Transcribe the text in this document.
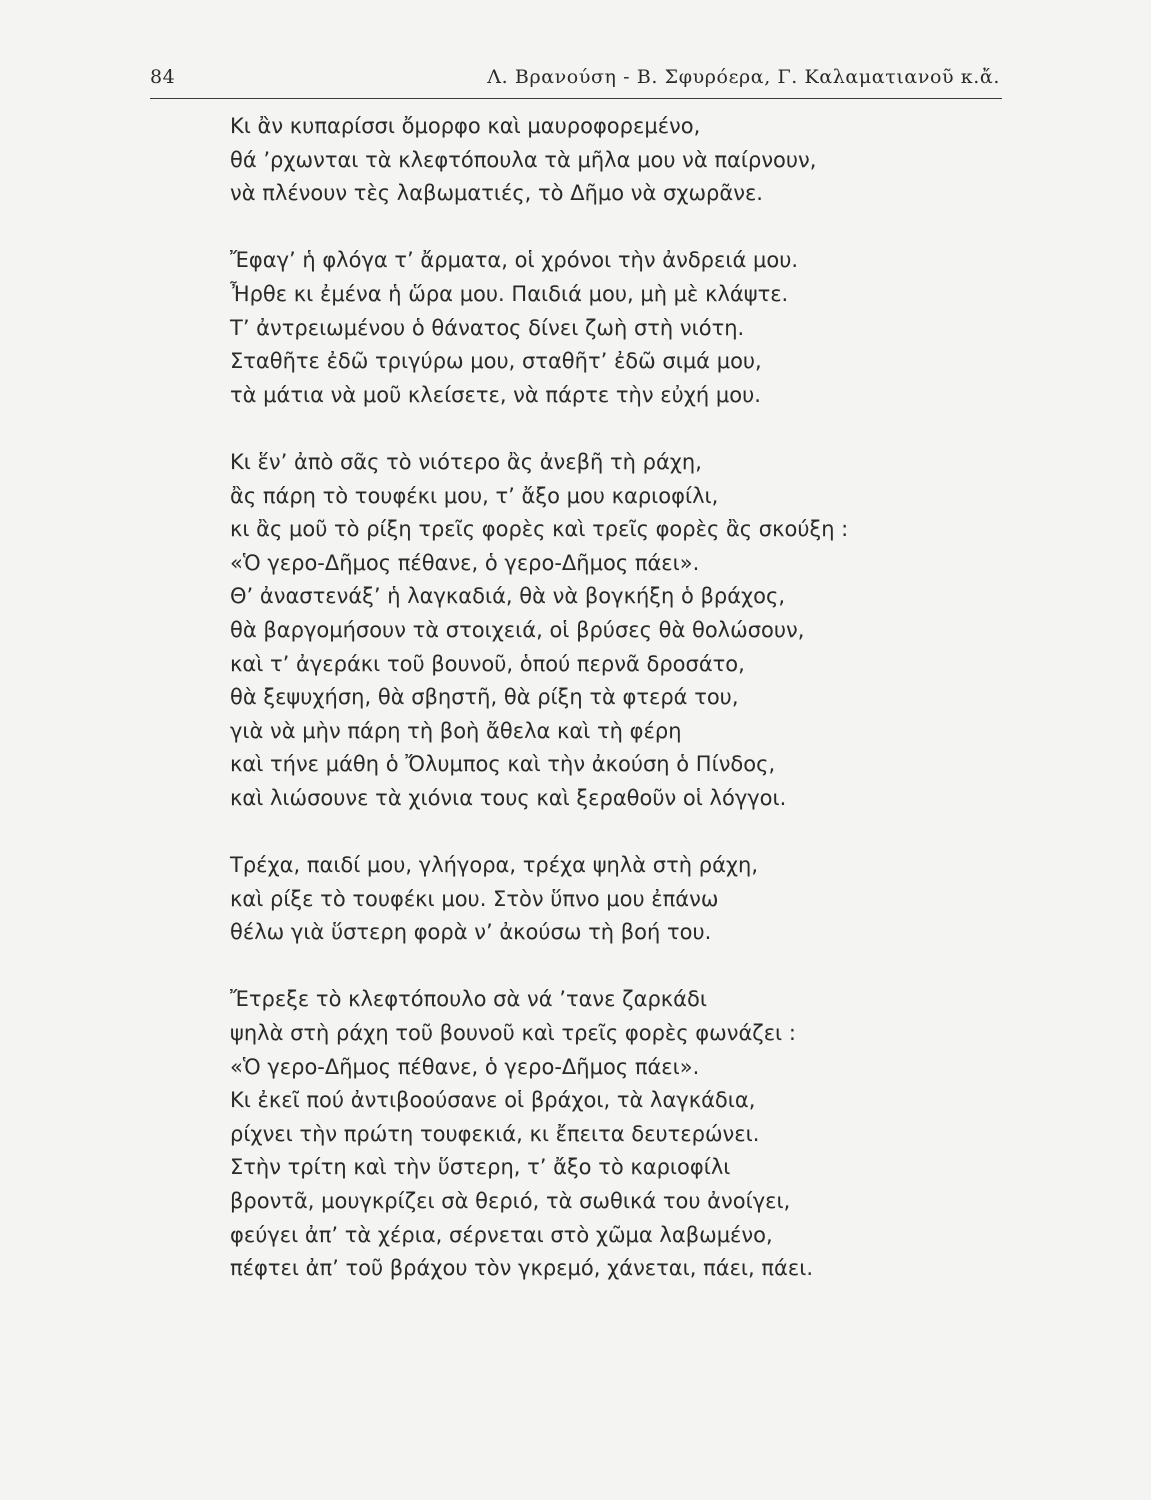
84	Λ. Βρανούση - Β. Σφυρόερα, Γ. Καλαματιανοῦ κ.ἄ.
Κι ἂν κυπαρίσσι ὄμορφο καὶ μαυροφορεμένο,
θά ’ρχωνται τὰ κλεφτόπουλα τὰ μῆλα μου νὰ παίρνουν,
νὰ πλένουν τὲς λαβωματιές, τὸ Δῆμο νὰ σχωρᾶνε.
Ἔφαγ’ ἡ φλόγα τ’ ἄρματα, οἱ χρόνοι τὴν ἀνδρειά μου.
Ἦρθε κι ἐμένα ἡ ὥρα μου. Παιδιά μου, μὴ μὲ κλάψτε.
Τ’ ἀντρειωμένου ὁ θάνατος δίνει ζωὴ στὴ νιότη.
Σταθῆτε ἐδῶ τριγύρω μου, σταθῆτ’ ἐδῶ σιμά μου,
τὰ μάτια νὰ μοῦ κλείσετε, νὰ πάρτε τὴν εὐχή μου.
Κι ἕν’ ἀπὸ σᾶς τὸ νιότερο ἂς ἀνεβῆ τὴ ράχη,
ἂς πάρη τὸ τουφέκι μου, τ’ ἄξο μου καριοφίλι,
κι ἂς μοῦ τὸ ρίξη τρεῖς φορὲς καὶ τρεῖς φορὲς ἂς σκούξη :
«Ὁ γερο-Δῆμος πέθανε, ὁ γερο-Δῆμος πάει».
Θ’ ἀναστενάξ’ ἡ λαγκαδιά, θὰ νὰ βογκήξη ὁ βράχος,
θὰ βαργομήσουν τὰ στοιχειά, οἱ βρύσες θὰ θολώσουν,
καὶ τ’ ἀγεράκι τοῦ βουνοῦ, ὁπού περνᾶ δροσάτο,
θὰ ξεψυχήση, θὰ σβηστῆ, θὰ ρίξη τὰ φτερά του,
γιὰ νὰ μὴν πάρη τὴ βοὴ ἄθελα καὶ τὴ φέρη
καὶ τήνε μάθη ὁ Ὄλυμπος καὶ τὴν ἀκούση ὁ Πίνδος,
καὶ λιώσουνε τὰ χιόνια τους καὶ ξεραθοῦν οἱ λόγγοι.
Τρέχα, παιδί μου, γλήγορα, τρέχα ψηλὰ στὴ ράχη,
καὶ ρίξε τὸ τουφέκι μου. Στὸν ὕπνο μου ἐπάνω
θέλω γιὰ ὕστερη φορὰ ν’ ἀκούσω τὴ βοή του.
Ἔτρεξε τὸ κλεφτόπουλο σὰ νά ’τανε ζαρκάδι
ψηλὰ στὴ ράχη τοῦ βουνοῦ καὶ τρεῖς φορὲς φωνάζει :
«Ὁ γερο-Δῆμος πέθανε, ὁ γερο-Δῆμος πάει».
Κι ἐκεῖ πού ἀντιβοούσανε οἱ βράχοι, τὰ λαγκάδια,
ρίχνει τὴν πρώτη τουφεκιά, κι ἔπειτα δευτερώνει.
Στὴν τρίτη καὶ τὴν ὕστερη, τ’ ἄξο τὸ καριοφίλι
βροντᾶ, μουγκρίζει σὰ θεριό, τὰ σωθικά του ἀνοίγει,
φεύγει ἀπ’ τὰ χέρια, σέρνεται στὸ χῶμα λαβωμένο,
πέφτει ἀπ’ τοῦ βράχου τὸν γκρεμό, χάνεται, πάει, πάει.
